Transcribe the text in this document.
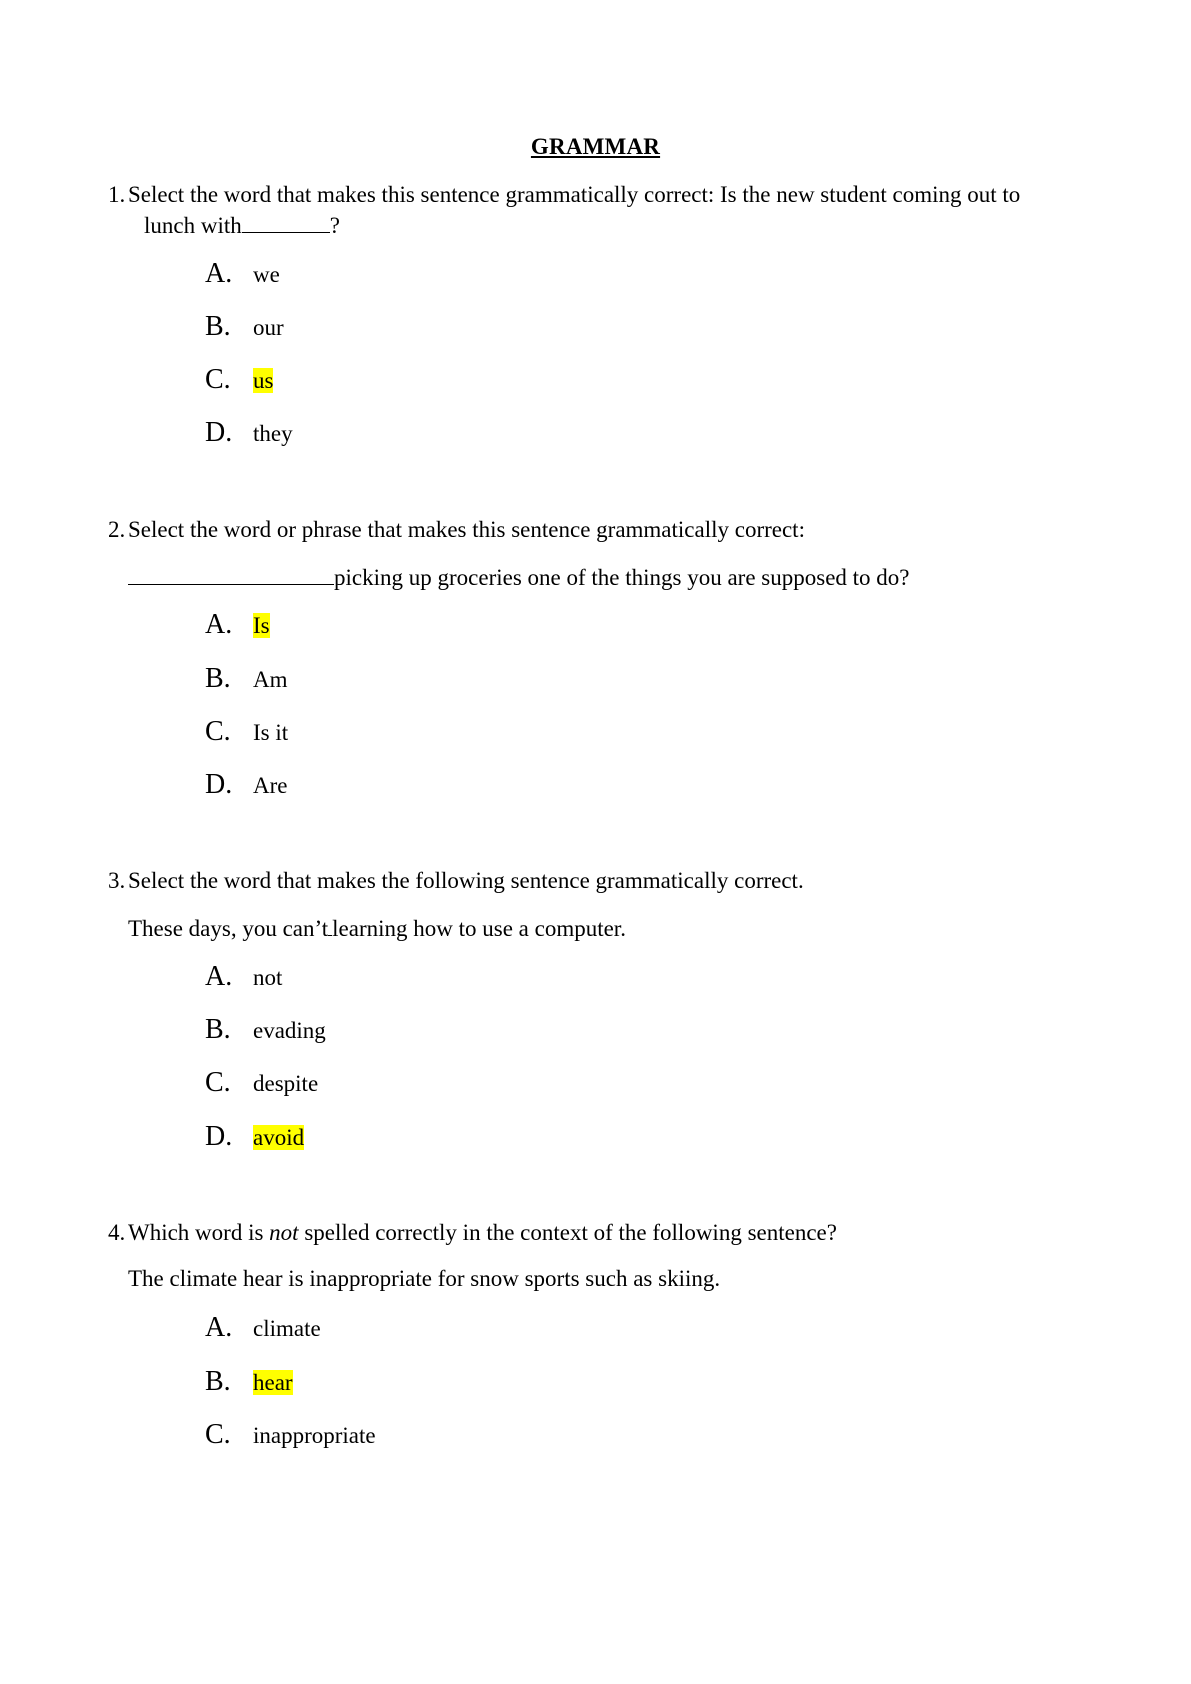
GRAMMAR
1. Select the word that makes this sentence grammatically correct: Is the new student coming out to
lunch with	?
A. we
B. our
C. us
D. they
2. Select the word or phrase that makes this sentence grammatically correct:
picking up groceries one of the things you are supposed to do?
A. Is
B. Am
C. Is it
D. Are
3. Select the word that makes the following sentence grammatically correct.
These days, you can’t learning how to use a computer.
A. not
B. evading
C. despite
D. avoid
4. Which word is not spelled correctly in the context of the following sentence?
The climate hear is inappropriate for snow sports such as skiing.
A. climate
B. hear
C. inappropriate
